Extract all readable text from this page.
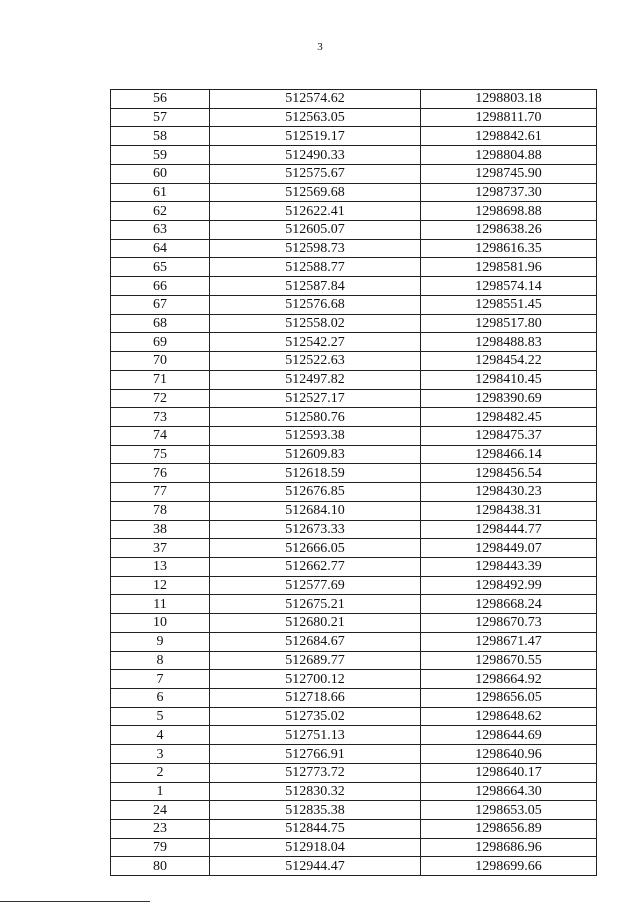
3
56	512574.62	1298803.18
57	512563.05	1298811.70
58	512519.17	1298842.61
59	512490.33	1298804.88
60	512575.67	1298745.90
61	512569.68	1298737.30
62	512622.41	1298698.88
63	512605.07	1298638.26
64	512598.73	1298616.35
65	512588.77	1298581.96
66	512587.84	1298574.14
67	512576.68	1298551.45
68	512558.02	1298517.80
69	512542.27	1298488.83
70	512522.63	1298454.22
71	512497.82	1298410.45
72	512527.17	1298390.69
73	512580.76	1298482.45
74	512593.38	1298475.37
75	512609.83	1298466.14
76	512618.59	1298456.54
77	512676.85	1298430.23
78	512684.10	1298438.31
38	512673.33	1298444.77
37	512666.05	1298449.07
13	512662.77	1298443.39
12	512577.69	1298492.99
11	512675.21	1298668.24
10	512680.21	1298670.73
9	512684.67	1298671.47
8	512689.77	1298670.55
7	512700.12	1298664.92
6	512718.66	1298656.05
5	512735.02	1298648.62
4	512751.13	1298644.69
3	512766.91	1298640.96
2	512773.72	1298640.17
1	512830.32	1298664.30
24	512835.38	1298653.05
23	512844.75	1298656.89
79	512918.04	1298686.96
80	512944.47	1298699.66
